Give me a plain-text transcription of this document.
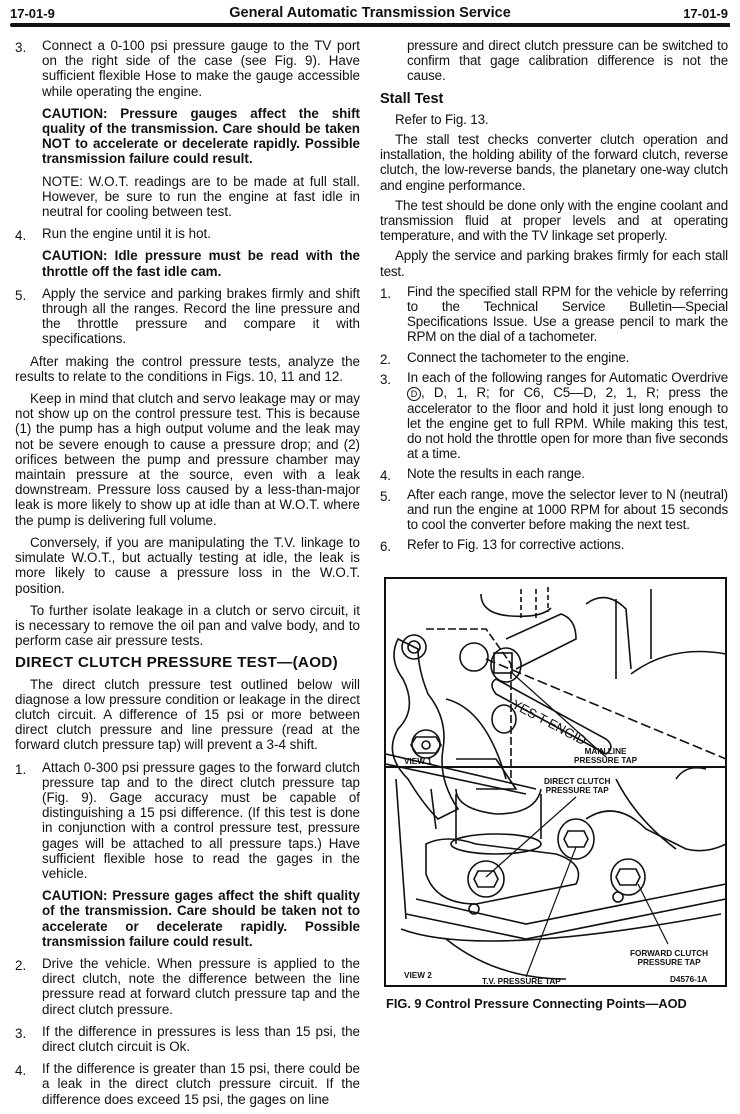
17-01-9	General Automatic Transmission Service	17-01-9
3. Connect a 0-100 psi pressure gauge to the TV port on the right side of the case (see Fig. 9). Have sufficient flexible Hose to make the gauge accessible while operating the engine.
CAUTION: Pressure gauges affect the shift quality of the transmission. Care should be taken NOT to accelerate or decelerate rapidly. Possible transmission failure could result.
NOTE: W.O.T. readings are to be made at full stall. However, be sure to run the engine at fast idle in neutral for cooling between test.
4. Run the engine until it is hot.
CAUTION: Idle pressure must be read with the throttle off the fast idle cam.
5. Apply the service and parking brakes firmly and shift through all the ranges. Record the line pressure and the throttle pressure and compare it with specifications.

After making the control pressure tests, analyze the results to relate to the conditions in Figs. 10, 11 and 12.

Keep in mind that clutch and servo leakage may or may not show up on the control pressure test. This is because (1) the pump has a high output volume and the leak may not be severe enough to cause a pressure drop; and (2) orifices between the pump and pressure chamber may maintain pressure at the source, even with a leak downstream. Pressure loss caused by a less-than-major leak is more likely to show up at idle than at W.O.T. where the pump is delivering full volume.

Conversely, if you are manipulating the T.V. linkage to simulate W.O.T., but actually testing at idle, the leak is more likely to cause a pressure loss in the W.O.T. position.

To further isolate leakage in a clutch or servo circuit, it is necessary to remove the oil pan and valve body, and to perform case air pressure tests.

DIRECT CLUTCH PRESSURE TEST—(AOD)

The direct clutch pressure test outlined below will diagnose a low pressure condition or leakage in the direct clutch circuit. A difference of 15 psi or more between direct clutch pressure and line pressure (read at the forward clutch pressure tap) will prevent a 3-4 shift.

1. Attach 0-300 psi pressure gages to the forward clutch pressure tap and to the direct clutch pressure tap (Fig. 9). Gage accuracy must be capable of distinguishing a 15 psi difference. (If this test is done in conjunction with a control pressure test, pressure gages will be attached to all pressure taps.) Have sufficient flexible hose to read the gages in the vehicle.
CAUTION: Pressure gages affect the shift quality of the transmission. Care should be taken not to accelerate or decelerate rapidly. Possible transmission failure could result.
2. Drive the vehicle. When pressure is applied to the direct clutch, note the difference between the line pressure read at forward clutch pressure tap and the direct clutch pressure.
3. If the difference in pressures is less than 15 psi, the direct clutch circuit is Ok.
4. If the difference is greater than 15 psi, there could be a leak in the direct clutch pressure circuit. If the difference does exceed 15 psi, the gages on line
pressure and direct clutch pressure can be switched to confirm that gage calibration difference is not the cause.
Stall Test

Refer to Fig. 13.

The stall test checks converter clutch operation and installation, the holding ability of the forward clutch, reverse clutch, the low-reverse bands, the planetary one-way clutch and engine performance.

The test should be done only with the engine coolant and transmission fluid at proper levels and at operating temperature, and with the TV linkage set properly.

Apply the service and parking brakes firmly for each stall test.

1. Find the specified stall RPM for the vehicle by referring to the Technical Service Bulletin—Special Specifications Issue. Use a grease pencil to mark the RPM on the dial of a tachometer.
2. Connect the tachometer to the engine.
3. In each of the following ranges for Automatic Overdrive D , D, 1, R; for C6, C5—D, 2, 1, R; press the accelerator to the floor and hold it just long enough to let the engine get to full RPM. While making this test, do not hold the throttle open for more than five seconds at a time.
4. Note the results in each range.
5. After each range, move the selector lever to N (neutral) and run the engine at 1000 RPM for about 15 seconds to cool the converter before making the next test.
6. Refer to Fig. 13 for corrective actions.
YES T ENGID
VIEW 1
MAIN LINE
PRESSURE TAP
DIRECT CLUTCH
PRESSURE TAP
FORWARD CLUTCH
PRESSURE TAP
VIEW 2
T.V. PRESSURE TAP	D4576-1A
FIG. 9 Control Pressure Connecting Points—AOD
